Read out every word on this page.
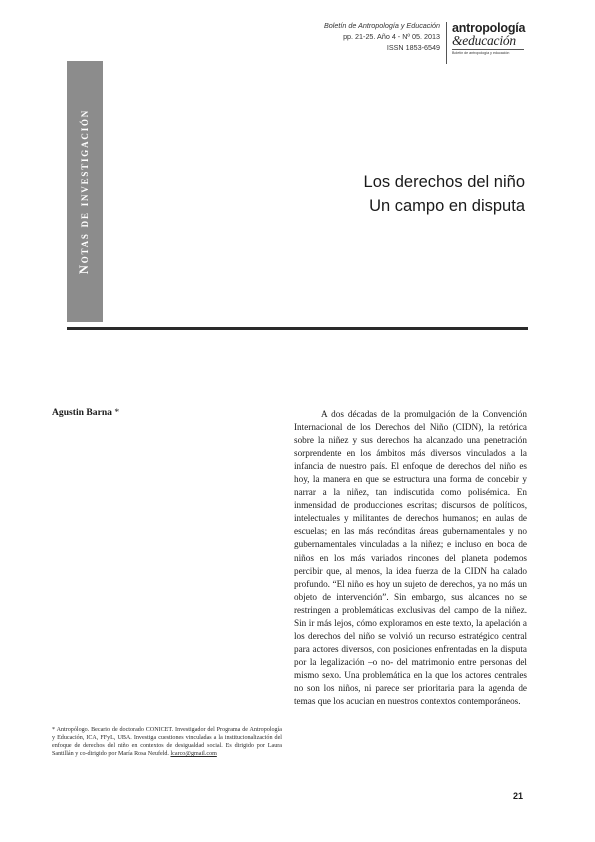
Boletín de Antropología y Educación
pp. 21-25. Año 4 - Nº 05. 2013
ISSN 1853-6549
antropología
&educación
Boletín de antropología y educación
Notas de investigación	Los derechos del niño
Un campo en disputa
Agustin Barna *	A dos décadas de la promulgación de la Convención Internacional de los Derechos del Niño (CIDN), la retórica sobre la niñez y sus derechos ha alcanzado una penetración sorprendente en los ámbitos más diversos vinculados a la infancia de nuestro país. El enfoque de derechos del niño es hoy, la manera en que se estructura una forma de concebir y narrar a la niñez, tan indiscutida como polisémica. En inmensidad de producciones escritas; discursos de políticos, intelectuales y militantes de derechos humanos; en aulas de escuelas; en las más recónditas áreas gubernamentales y no gubernamentales vinculadas a la niñez; e incluso en boca de niños en los más variados rincones del planeta podemos percibir que, al menos, la idea fuerza de la CIDN ha calado profundo. “El niño es hoy un sujeto de derechos, ya no más un objeto de intervención”. Sin embargo, sus alcances no se restringen a problemáticas exclusivas del campo de la niñez. Sin ir más lejos, cómo exploramos en este texto, la apelación a los derechos del niño se volvió un recurso estratégico central para actores diversos, con posiciones enfrentadas en la disputa por la legalización –o no- del matrimonio entre personas del mismo sexo. Una problemática en la que los actores centrales no son los niños, ni parece ser prioritaria para la agenda de temas que los acucian en nuestros contextos contemporáneos.
* Antropólogo. Becario de doctorado CONICET. Investigador del Programa de Antropología y Educación, ICA, FFyL, UBA. Investiga cuestiones vinculadas a la institucionalización del enfoque de derechos del niño en contextos de desigualdad social. Es dirigido por Laura Santillán y co-dirigido por María Rosa Neufeld. lcarco@gmail.com
21
